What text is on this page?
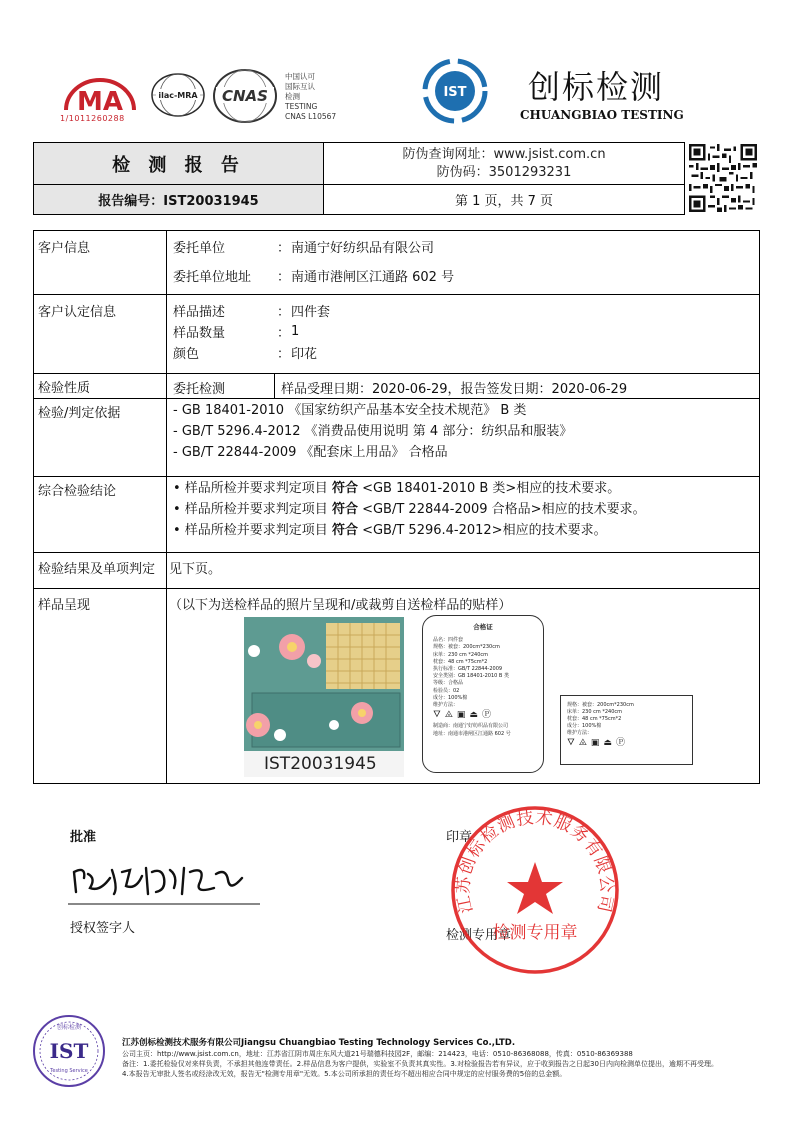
MA
1/1011260288
ilac-MRA CNAS
中国认可
国际互认
检测
TESTING
CNAS L10567
IST 创标检测
CHUANGBIAO TESTING
检 测 报 告	防伪查询网址：www.jsist.com.cn
防伪码：3501293231
报告编号：IST20031945	第 1 页，共 7 页
客户信息	委托单位	： 南通宁好纺织品有限公司
委托单位地址	： 南通市港闸区江通路 602 号
客户认定信息	样品描述	： 四件套
样品数量	： 1
颜色	： 印花
检验性质	委托检测	样品受理日期：2020-06-29，报告签发日期：2020-06-29
检验/判定依据	- GB 18401-2010 《国家纺织产品基本安全技术规范》 B 类
- GB/T 5296.4-2012 《消费品使用说明 第 4 部分：纺织品和服装》
- GB/T 22844-2009 《配套床上用品》 合格品
综合检验结论	• 样品所检并要求判定项目 符合 <GB 18401-2010 B 类>相应的技术要求。
• 样品所检并要求判定项目 符合 <GB/T 22844-2009 合格品>相应的技术要求。
• 样品所检并要求判定项目 符合 <GB/T 5296.4-2012>相应的技术要求。
检验结果及单项判定	见下页。
样品呈现	（以下为送检样品的照片呈现和/或裁剪自送检样品的贴样）
IST20031945
合格证
品名：四件套
规格：被套：200cm*230cm
床单：230 cm *240cm
枕套：48 cm *75cm*2
执行标准：GB/T 22844-2009
安全类别：GB 18401-2010 B 类
等级：合格品
检验员：02
成分：100%棉
维护方法：
🜄 ⨻ ▣ ⏏ Ⓟ
制造商：南通宁好纺织品有限公司
地址：南通市港闸区江通路 602 号
规格：被套：200cm*230cm
床单：230 cm *240cm
枕套：48 cm *75cm*2
成分：100%棉
维护方法：
🜄 ⨻ ▣ ⏏ Ⓟ
批准
授权签字人
印章
检测专用章
江苏创标检测技术服务有限公司
检测专用章
创标检测
IST
Testing Service
江苏创标检测技术服务有限公司Jiangsu Chuangbiao Testing Technology Services Co.,LTD.
公司主页：http://www.jsist.com.cn，地址：江苏省江阴市周庄东风大道21号瑞德科技园2F，邮编：214423，电话：0510-86368088，传真：0510-86369388
备注：1.委托检验仅对来样负责，不承担其他连带责任。2.样品信息为客户提供，实验室不负责其真实性。3.对检验报告若有异议，应于收到报告之日起30日内向检测单位提出，逾期不再受理。
4.本报告无审批人签名或经涂改无效，报告无"检测专用章"无效。5.本公司所承担的责任均不超出相应合同中规定的应付服务费的5倍的总金额。
